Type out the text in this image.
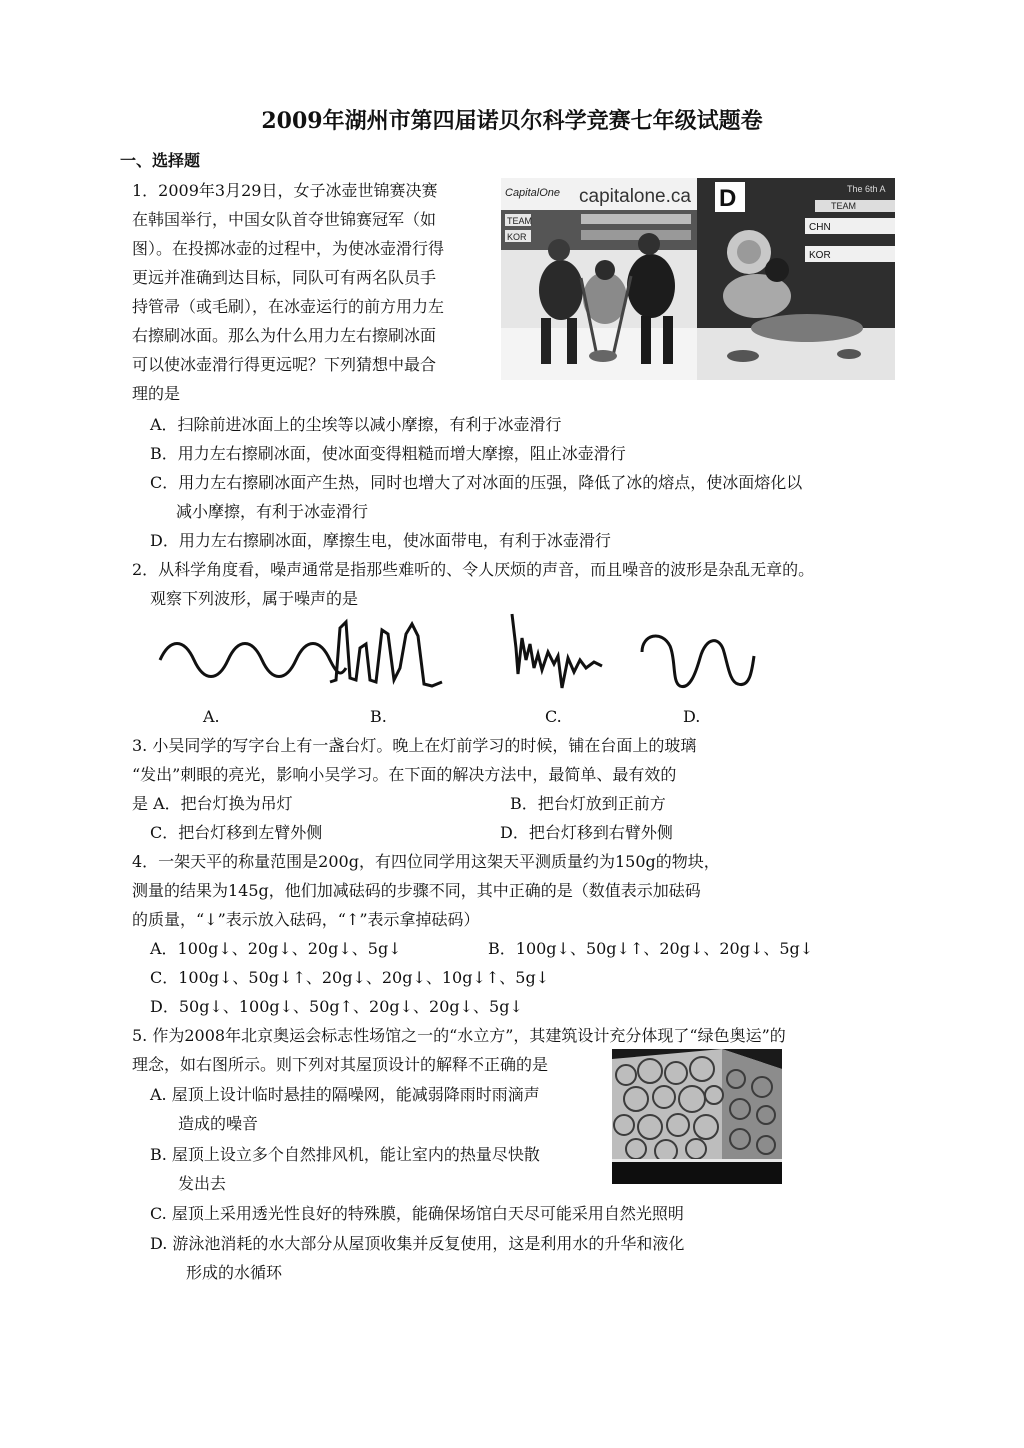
2009年湖州市第四届诺贝尔科学竞赛七年级试题卷
一、选择题
1．2009年3月29日，女子冰壶世锦赛决赛
在韩国举行，中国女队首夺世锦赛冠军（如
图）。在投掷冰壶的过程中，为使冰壶滑行得
更远并准确到达目标，同队可有两名队员手
持管帚（或毛刷），在冰壶运行的前方用力左
右擦刷冰面。那么为什么用力左右擦刷冰面
可以使冰壶滑行得更远呢？下列猜想中最合
理的是
CapitalOne capitalone.ca
TEAM
KOR
D	The 6th A
TEAM
CHN
KOR
A．扫除前进冰面上的尘埃等以减小摩擦，有利于冰壶滑行
B．用力左右擦刷冰面，使冰面变得粗糙而增大摩擦，阻止冰壶滑行
C．用力左右擦刷冰面产生热，同时也增大了对冰面的压强，降低了冰的熔点，使冰面熔化以
减小摩擦，有利于冰壶滑行
D．用力左右擦刷冰面，摩擦生电，使冰面带电，有利于冰壶滑行
2．从科学角度看，噪声通常是指那些难听的、令人厌烦的声音，而且噪音的波形是杂乱无章的。
观察下列波形，属于噪声的是
A.	B.	C.	D.
3. 小吴同学的写字台上有一盏台灯。晚上在灯前学习的时候，铺在台面上的玻璃
“发出”刺眼的亮光，影响小吴学习。在下面的解决方法中，最简单、最有效的
是 A．把台灯换为吊灯	B．把台灯放到正前方
C．把台灯移到左臂外侧	D．把台灯移到右臂外侧
4．一架天平的称量范围是200g，有四位同学用这架天平测质量约为150g的物块，
测量的结果为145g，他们加减砝码的步骤不同，其中正确的是（数值表示加砝码
的质量，“↓”表示放入砝码，“↑”表示拿掉砝码）
A．100g↓、20g↓、20g↓、5g↓	B．100g↓、50g↓↑、20g↓、20g↓、5g↓
C．100g↓、50g↓↑、20g↓、20g↓、10g↓↑、5g↓
D．50g↓、100g↓、50g↑、20g↓、20g↓、5g↓
5. 作为2008年北京奥运会标志性场馆之一的“水立方”，其建筑设计充分体现了“绿色奥运”的
理念，如右图所示。则下列对其屋顶设计的解释不正确的是
A. 屋顶上设计临时悬挂的隔噪网，能减弱降雨时雨滴声
造成的噪音
B. 屋顶上设立多个自然排风机，能让室内的热量尽快散
发出去
C. 屋顶上采用透光性良好的特殊膜，能确保场馆白天尽可能采用自然光照明
D. 游泳池消耗的水大部分从屋顶收集并反复使用，这是利用水的升华和液化
形成的水循环
